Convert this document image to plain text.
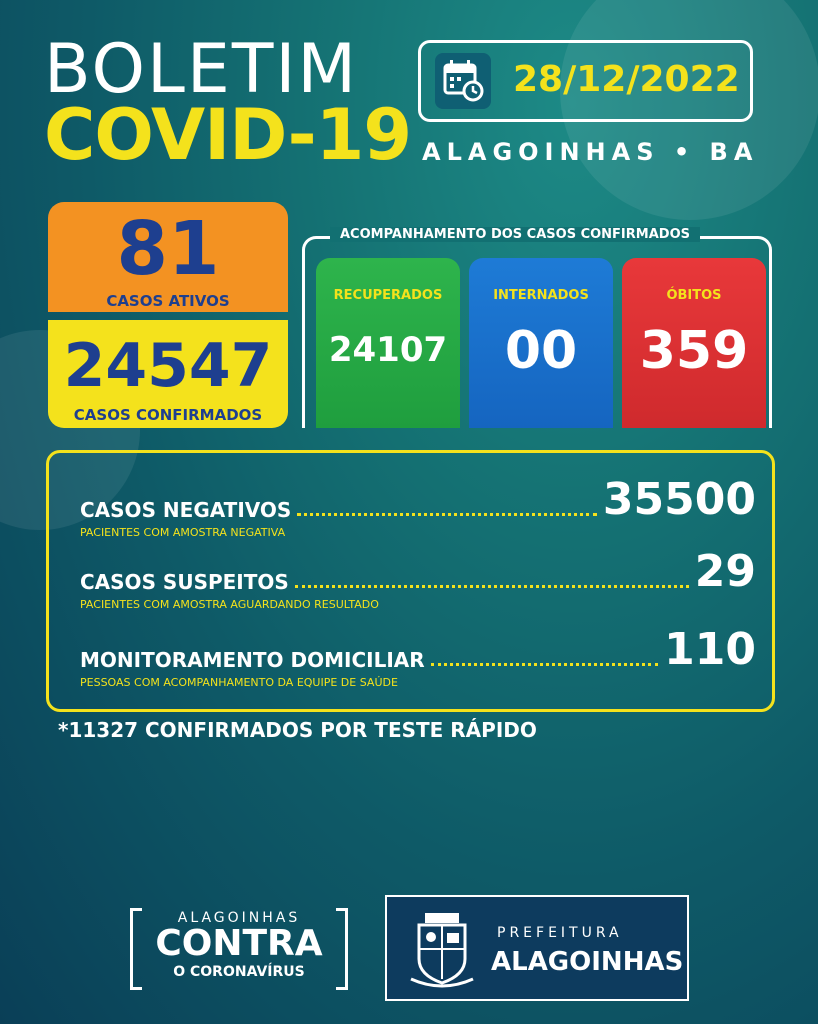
BOLETIM
COVID-19
28/12/2022
ALAGOINHAS • BA
81
CASOS ATIVOS
24547
CASOS CONFIRMADOS
ACOMPANHAMENTO DOS CASOS CONFIRMADOS
RECUPERADOS
24107
INTERNADOS
00
ÓBITOS
359
CASOS NEGATIVOS	35500
PACIENTES COM AMOSTRA NEGATIVA
CASOS SUSPEITOS	29
PACIENTES COM AMOSTRA AGUARDANDO RESULTADO
MONITORAMENTO DOMICILIAR	110
PESSOAS COM ACOMPANHAMENTO DA EQUIPE DE SAÚDE
*11327 CONFIRMADOS POR TESTE RÁPIDO
ALAGOINHAS
CONTRA
O CORONAVÍRUS
PREFEITURA
ALAGOINHAS
